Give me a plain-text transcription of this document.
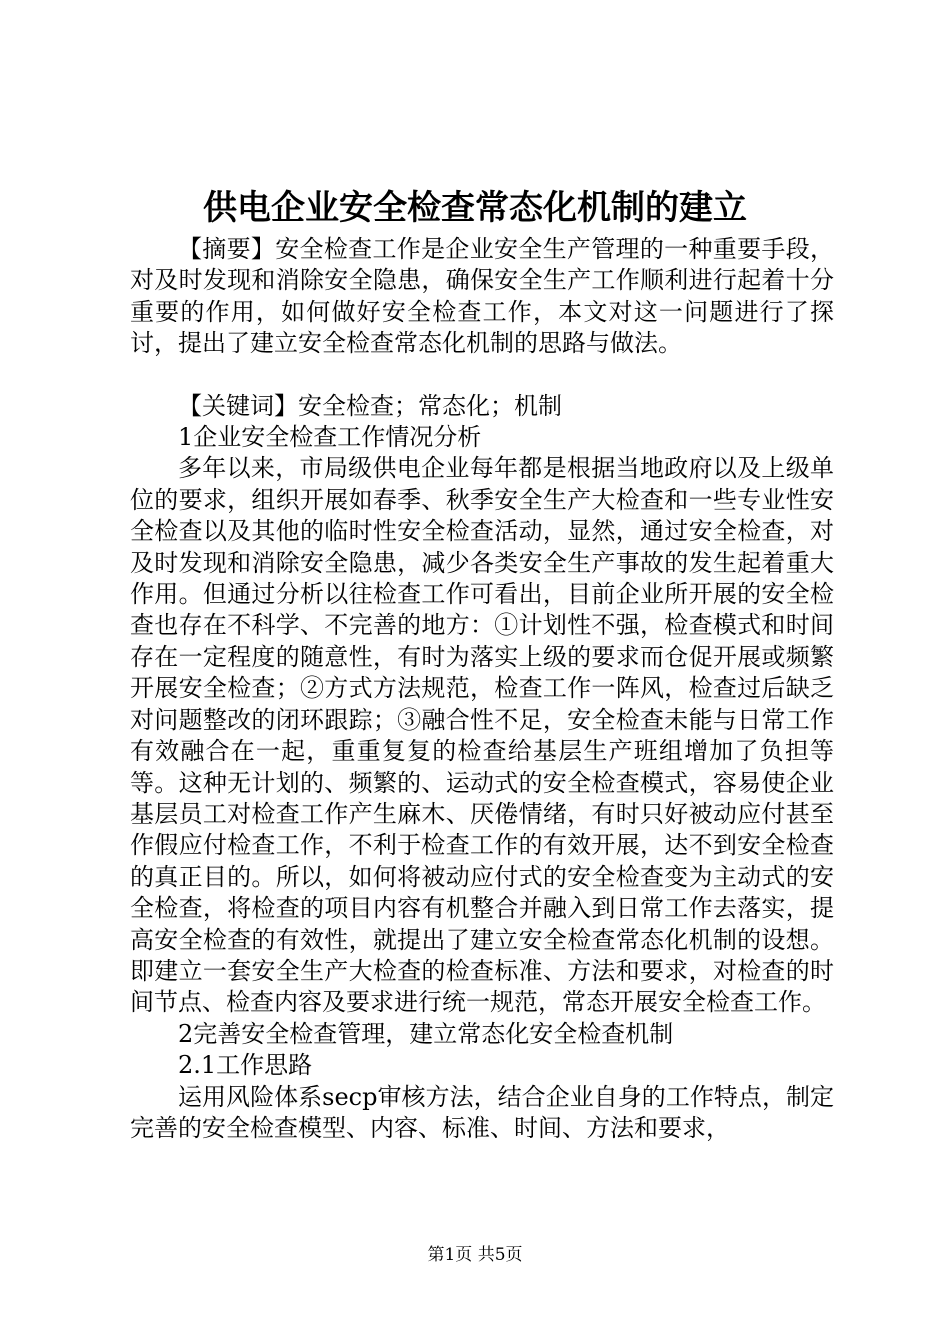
供电企业安全检查常态化机制的建立

【摘要】安全检查工作是企业安全生产管理的一种重要手段，对及时发现和消除安全隐患，确保安全生产工作顺利进行起着十分重要的作用，如何做好安全检查工作，本文对这一问题进行了探讨，提出了建立安全检查常态化机制的思路与做法。

【关键词】安全检查；常态化；机制

1企业安全检查工作情况分析

多年以来，市局级供电企业每年都是根据当地政府以及上级单位的要求，组织开展如春季、秋季安全生产大检查和一些专业性安全检查以及其他的临时性安全检查活动，显然，通过安全检查，对及时发现和消除安全隐患，减少各类安全生产事故的发生起着重大作用。但通过分析以往检查工作可看出，目前企业所开展的安全检查也存在不科学、不完善的地方：①计划性不强，检查模式和时间存在一定程度的随意性，有时为落实上级的要求而仓促开展或频繁开展安全检查；②方式方法规范，检查工作一阵风，检查过后缺乏对问题整改的闭环跟踪；③融合性不足，安全检查未能与日常工作有效融合在一起，重重复复的检查给基层生产班组增加了负担等等。这种无计划的、频繁的、运动式的安全检查模式，容易使企业基层员工对检查工作产生麻木、厌倦情绪，有时只好被动应付甚至作假应付检查工作，不利于检查工作的有效开展，达不到安全检查的真正目的。所以，如何将被动应付式的安全检查变为主动式的安全检查，将检查的项目内容有机整合并融入到日常工作去落实，提高安全检查的有效性，就提出了建立安全检查常态化机制的设想。即建立一套安全生产大检查的检查标准、方法和要求，对检查的时间节点、检查内容及要求进行统一规范，常态开展安全检查工作。

2完善安全检查管理，建立常态化安全检查机制

2.1工作思路

运用风险体系secp审核方法，结合企业自身的工作特点，制定完善的安全检查模型、内容、标准、时间、方法和要求，

第1页 共5页
